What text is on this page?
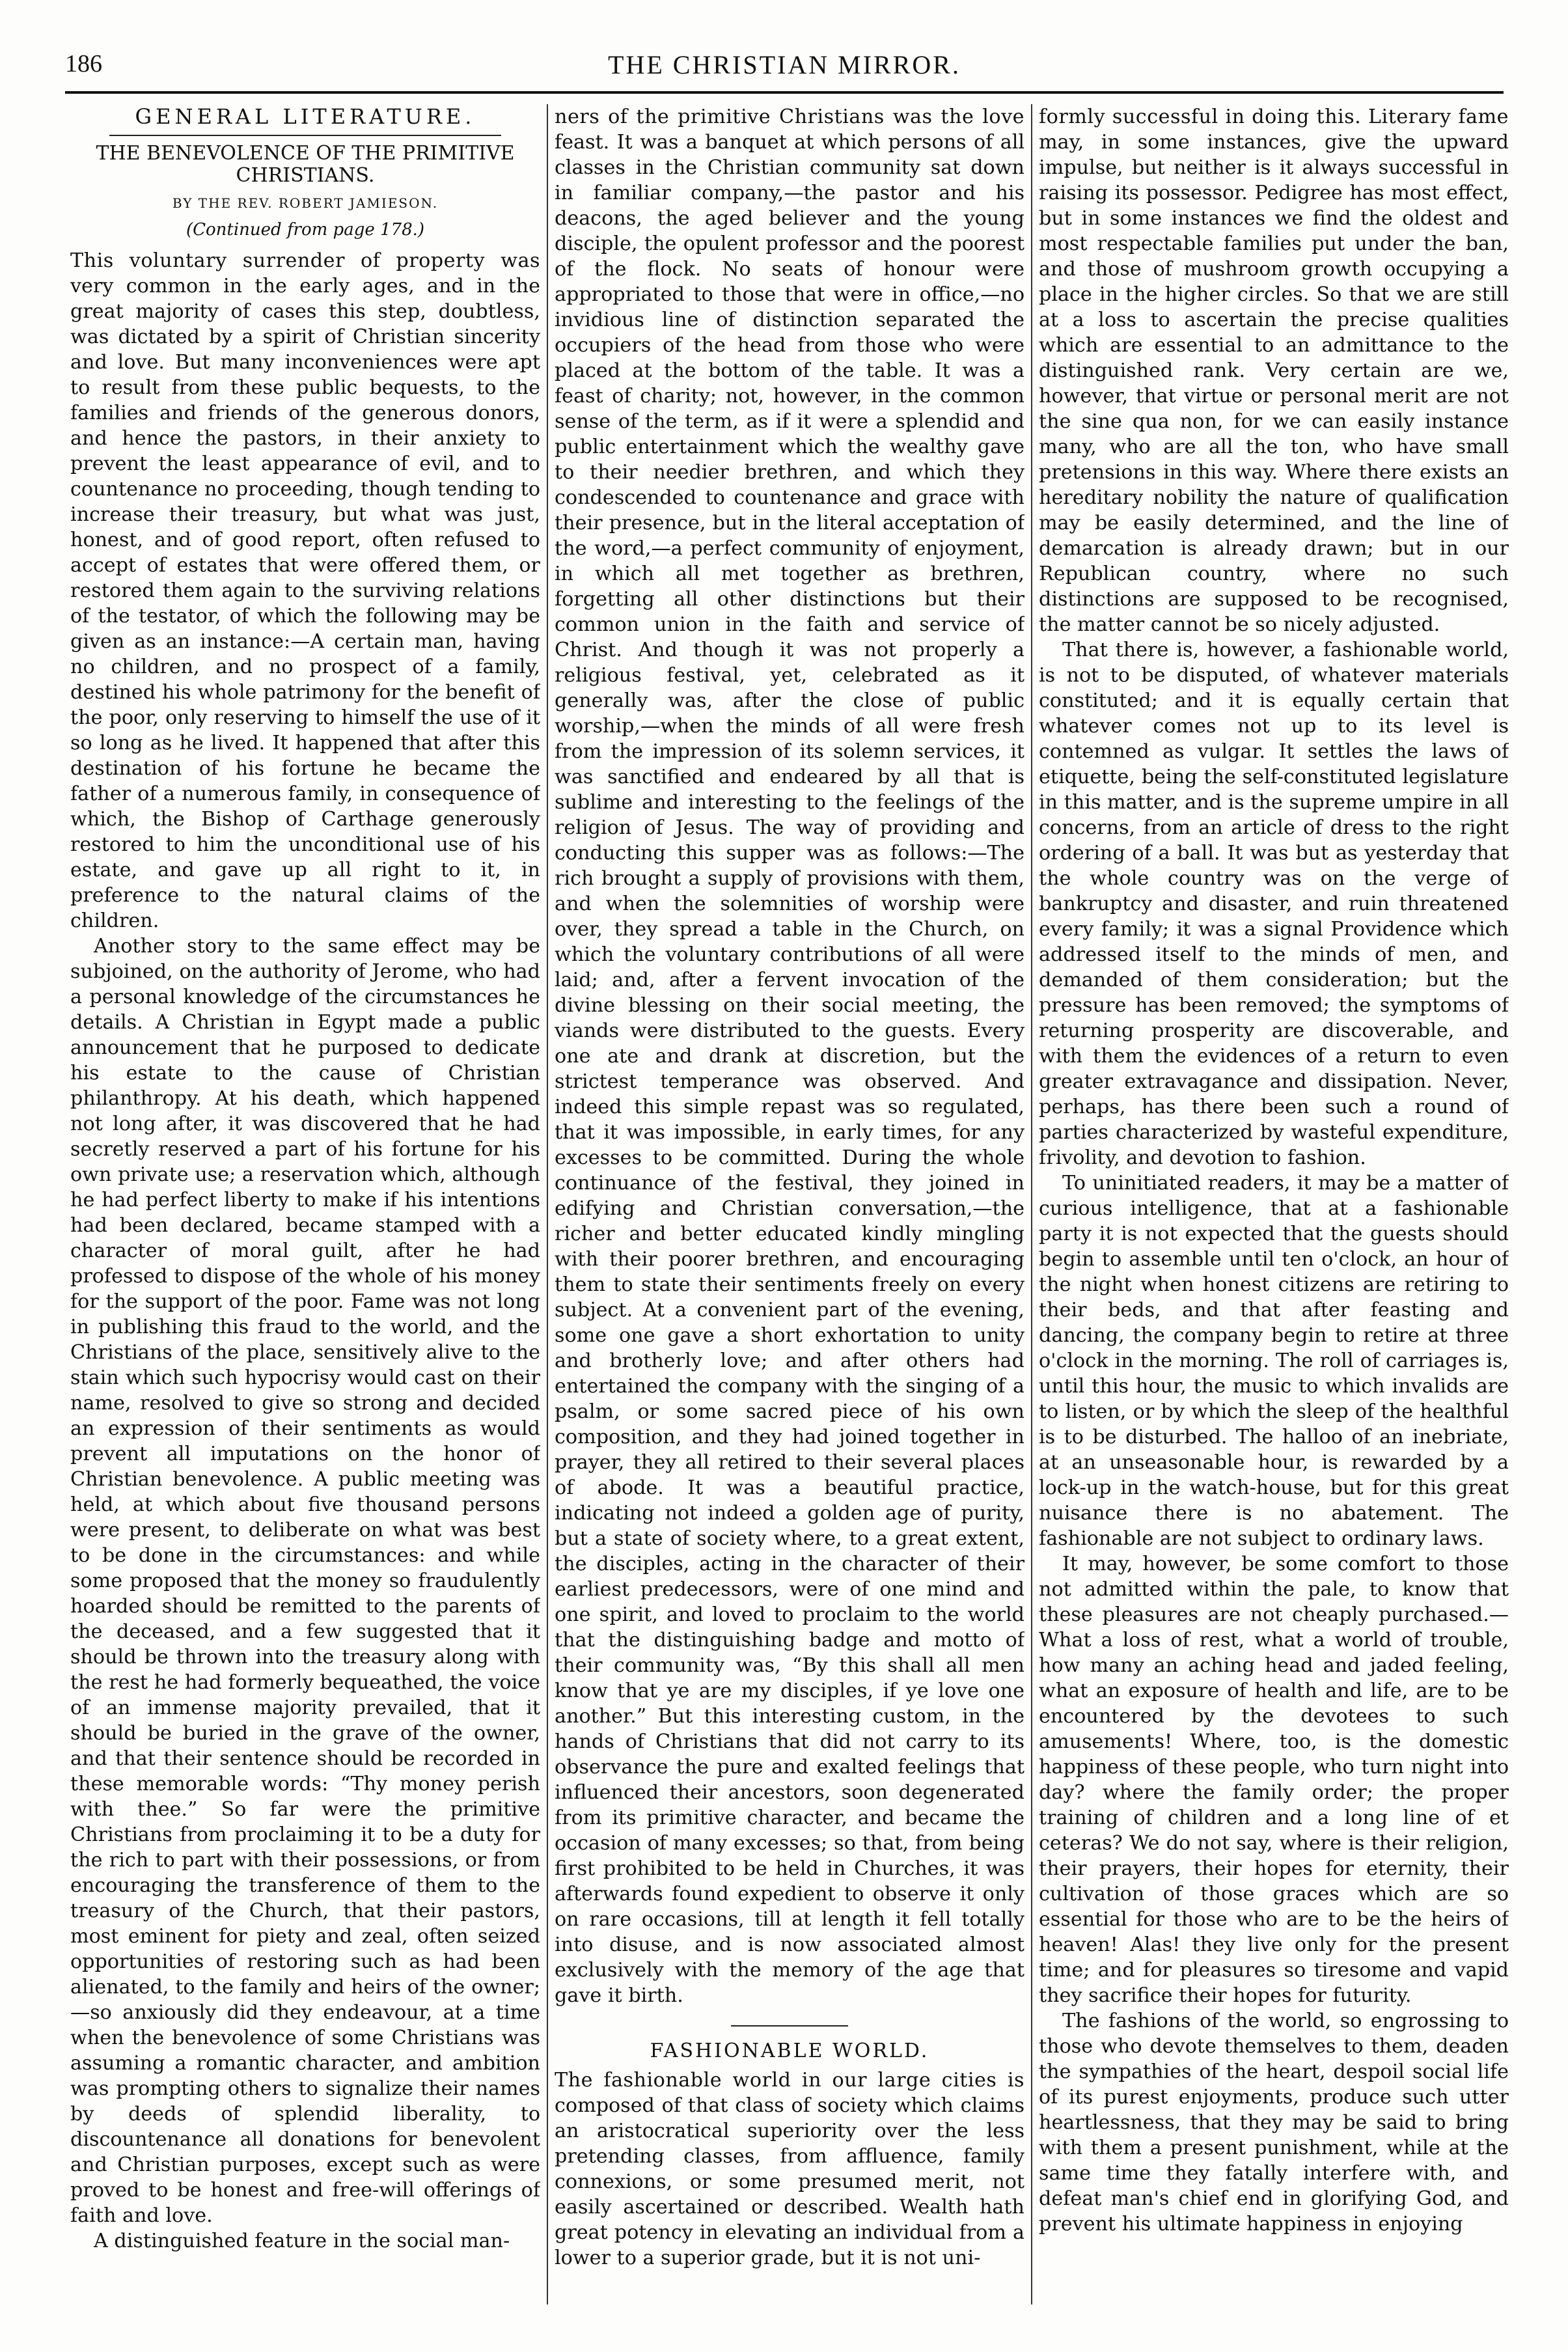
186	THE CHRISTIAN MIRROR.
GENERAL LITERATURE.
THE BENEVOLENCE OF THE PRIMITIVE CHRISTIANS.
BY THE REV. ROBERT JAMIESON.
(Continued from page 178.)

This voluntary surrender of property was very common in the early ages, and in the great majority of cases this step, doubtless, was dictated by a spirit of Christian sincerity and love. But many inconveniences were apt to result from these public bequests, to the families and friends of the generous donors, and hence the pastors, in their anxiety to prevent the least appearance of evil, and to countenance no proceeding, though tending to increase their treasury, but what was just, honest, and of good report, often refused to accept of estates that were offered them, or restored them again to the surviving relations of the testator, of which the following may be given as an instance:—A certain man, having no children, and no prospect of a family, destined his whole patrimony for the benefit of the poor, only reserving to himself the use of it so long as he lived. It happened that after this destination of his fortune he became the father of a numerous family, in consequence of which, the Bishop of Carthage generously restored to him the unconditional use of his estate, and gave up all right to it, in preference to the natural claims of the children.

Another story to the same effect may be subjoined, on the authority of Jerome, who had a personal knowledge of the circumstances he details. A Christian in Egypt made a public announcement that he purposed to dedicate his estate to the cause of Christian philanthropy. At his death, which happened not long after, it was discovered that he had secretly reserved a part of his fortune for his own private use; a reservation which, although he had perfect liberty to make if his intentions had been declared, became stamped with a character of moral guilt, after he had professed to dispose of the whole of his money for the support of the poor. Fame was not long in publishing this fraud to the world, and the Christians of the place, sensitively alive to the stain which such hypocrisy would cast on their name, resolved to give so strong and decided an expression of their sentiments as would prevent all imputations on the honor of Christian benevolence. A public meeting was held, at which about five thousand persons were present, to deliberate on what was best to be done in the circumstances: and while some proposed that the money so fraudulently hoarded should be remitted to the parents of the deceased, and a few suggested that it should be thrown into the treasury along with the rest he had formerly bequeathed, the voice of an immense majority prevailed, that it should be buried in the grave of the owner, and that their sentence should be recorded in these memorable words: “Thy money perish with thee.” So far were the primitive Christians from proclaiming it to be a duty for the rich to part with their possessions, or from encouraging the transference of them to the treasury of the Church, that their pastors, most eminent for piety and zeal, often seized opportunities of restoring such as had been alienated, to the family and heirs of the owner;—so anxiously did they endeavour, at a time when the benevolence of some Christians was assuming a romantic character, and ambition was prompting others to signalize their names by deeds of splendid liberality, to discountenance all donations for benevolent and Christian purposes, except such as were proved to be honest and free-will offerings of faith and love.

A distinguished feature in the social man-

ners of the primitive Christians was the love feast. It was a banquet at which persons of all classes in the Christian community sat down in familiar company,—the pastor and his deacons, the aged believer and the young disciple, the opulent professor and the poorest of the flock. No seats of honour were appropriated to those that were in office,—no invidious line of distinction separated the occupiers of the head from those who were placed at the bottom of the table. It was a feast of charity; not, however, in the common sense of the term, as if it were a splendid and public entertainment which the wealthy gave to their needier brethren, and which they condescended to countenance and grace with their presence, but in the literal acceptation of the word,—a perfect community of enjoyment, in which all met together as brethren, forgetting all other distinctions but their common union in the faith and service of Christ. And though it was not properly a religious festival, yet, celebrated as it generally was, after the close of public worship,—when the minds of all were fresh from the impression of its solemn services, it was sanctified and endeared by all that is sublime and interesting to the feelings of the religion of Jesus. The way of providing and conducting this supper was as follows:—The rich brought a supply of provisions with them, and when the solemnities of worship were over, they spread a table in the Church, on which the voluntary contributions of all were laid; and, after a fervent invocation of the divine blessing on their social meeting, the viands were distributed to the guests. Every one ate and drank at discretion, but the strictest temperance was observed. And indeed this simple repast was so regulated, that it was impossible, in early times, for any excesses to be committed. During the whole continuance of the festival, they joined in edifying and Christian conversation,—the richer and better educated kindly mingling with their poorer brethren, and encouraging them to state their sentiments freely on every subject. At a convenient part of the evening, some one gave a short exhortation to unity and brotherly love; and after others had entertained the company with the singing of a psalm, or some sacred piece of his own composition, and they had joined together in prayer, they all retired to their several places of abode. It was a beautiful practice, indicating not indeed a golden age of purity, but a state of society where, to a great extent, the disciples, acting in the character of their earliest predecessors, were of one mind and one spirit, and loved to proclaim to the world that the distinguishing badge and motto of their community was, “By this shall all men know that ye are my disciples, if ye love one another.” But this interesting custom, in the hands of Christians that did not carry to its observance the pure and exalted feelings that influenced their ancestors, soon degenerated from its primitive character, and became the occasion of many excesses; so that, from being first prohibited to be held in Churches, it was afterwards found expedient to observe it only on rare occasions, till at length it fell totally into disuse, and is now associated almost exclusively with the memory of the age that gave it birth.

FASHIONABLE WORLD.

The fashionable world in our large cities is composed of that class of society which claims an aristocratical superiority over the less pretending classes, from affluence, family connexions, or some presumed merit, not easily ascertained or described. Wealth hath great potency in elevating an individual from a lower to a superior grade, but it is not uni-

formly successful in doing this. Literary fame may, in some instances, give the upward impulse, but neither is it always successful in raising its possessor. Pedigree has most effect, but in some instances we find the oldest and most respectable families put under the ban, and those of mushroom growth occupying a place in the higher circles. So that we are still at a loss to ascertain the precise qualities which are essential to an admittance to the distinguished rank. Very certain are we, however, that virtue or personal merit are not the sine qua non, for we can easily instance many, who are all the ton, who have small pretensions in this way. Where there exists an hereditary nobility the nature of qualification may be easily determined, and the line of demarcation is already drawn; but in our Republican country, where no such distinctions are supposed to be recognised, the matter cannot be so nicely adjusted.

That there is, however, a fashionable world, is not to be disputed, of whatever materials constituted; and it is equally certain that whatever comes not up to its level is contemned as vulgar. It settles the laws of etiquette, being the self-constituted legislature in this matter, and is the supreme umpire in all concerns, from an article of dress to the right ordering of a ball. It was but as yesterday that the whole country was on the verge of bankruptcy and disaster, and ruin threatened every family; it was a signal Providence which addressed itself to the minds of men, and demanded of them consideration; but the pressure has been removed; the symptoms of returning prosperity are discoverable, and with them the evidences of a return to even greater extravagance and dissipation. Never, perhaps, has there been such a round of parties characterized by wasteful expenditure, frivolity, and devotion to fashion.

To uninitiated readers, it may be a matter of curious intelligence, that at a fashionable party it is not expected that the guests should begin to assemble until ten o'clock, an hour of the night when honest citizens are retiring to their beds, and that after feasting and dancing, the company begin to retire at three o'clock in the morning. The roll of carriages is, until this hour, the music to which invalids are to listen, or by which the sleep of the healthful is to be disturbed. The halloo of an inebriate, at an unseasonable hour, is rewarded by a lock-up in the watch-house, but for this great nuisance there is no abatement. The fashionable are not subject to ordinary laws.

It may, however, be some comfort to those not admitted within the pale, to know that these pleasures are not cheaply purchased.—What a loss of rest, what a world of trouble, how many an aching head and jaded feeling, what an exposure of health and life, are to be encountered by the devotees to such amusements! Where, too, is the domestic happiness of these people, who turn night into day? where the family order; the proper training of children and a long line of et ceteras? We do not say, where is their religion, their prayers, their hopes for eternity, their cultivation of those graces which are so essential for those who are to be the heirs of heaven! Alas! they live only for the present time; and for pleasures so tiresome and vapid they sacrifice their hopes for futurity.

The fashions of the world, so engrossing to those who devote themselves to them, deaden the sympathies of the heart, despoil social life of its purest enjoyments, produce such utter heartlessness, that they may be said to bring with them a present punishment, while at the same time they fatally interfere with, and defeat man's chief end in glorifying God, and prevent his ultimate happiness in enjoying
